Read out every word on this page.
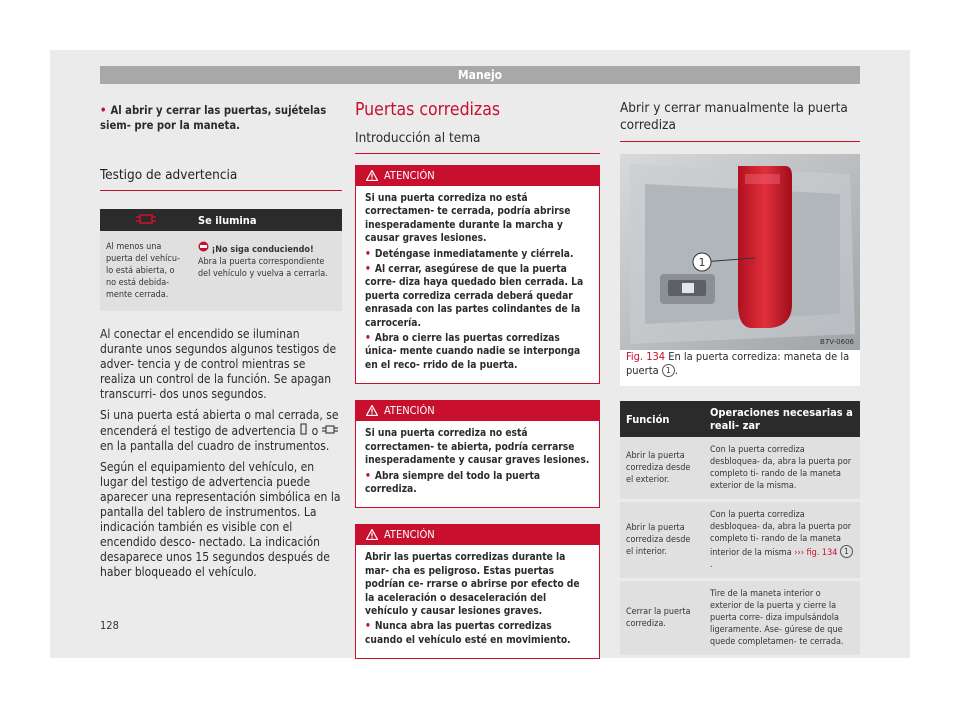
Manejo

• Al abrir y cerrar las puertas, sujételas siem- pre por la maneta.

Testigo de advertencia
	Se ilumina
Al menos una puerta del vehícu- lo está abierta, o no está debida- mente cerrada.	¡No siga conduciendo!
Abra la puerta correspondiente del vehículo y vuelva a cerrarla.

Al conectar el encendido se iluminan durante unos segundos algunos testigos de adver- tencia y de control mientras se realiza un control de la función. Se apagan transcurri- dos unos segundos.

Si una puerta está abierta o mal cerrada, se encenderá el testigo de advertencia o  en la pantalla del cuadro de instrumentos.

Según el equipamiento del vehículo, en lugar del testigo de advertencia puede aparecer una representación simbólica en la pantalla del tablero de instrumentos. La indicación también es visible con el encendido desco- nectado. La indicación desaparece unos 15 segundos después de haber bloqueado el vehículo.

Puertas corredizas
Introducción al tema
ATENCIÓN

Si una puerta corrediza no está correctamen- te cerrada, podría abrirse inesperadamente durante la marcha y causar graves lesiones.

• Deténgase inmediatamente y ciérrela.

• Al cerrar, asegúrese de que la puerta corre- diza haya quedado bien cerrada. La puerta corrediza cerrada deberá quedar enrasada con las partes colindantes de la carrocería.

• Abra o cierre las puertas corredizas única- mente cuando nadie se interponga en el reco- rrido de la puerta.

ATENCIÓN

Si una puerta corrediza no está correctamen- te abierta, podría cerrarse inesperadamente y causar graves lesiones.

• Abra siempre del todo la puerta corrediza.

ATENCIÓN

Abrir las puertas corredizas durante la mar- cha es peligroso. Estas puertas podrían ce- rrarse o abrirse por efecto de la aceleración o desaceleración del vehículo y causar lesiones graves.

• Nunca abra las puertas corredizas cuando el vehículo esté en movimiento.

Abrir y cerrar manualmente la puerta corrediza
1
B7V-0606
Fig. 134 En la puerta corrediza: maneta de la puerta 1 .
Función	Operaciones necesarias a reali- zar
Abrir la puerta corrediza desde el exterior.	Con la puerta corrediza desbloquea- da, abra la puerta por completo ti- rando de la maneta exterior de la misma.
Abrir la puerta corrediza desde el interior.	Con la puerta corrediza desbloquea- da, abra la puerta por completo ti- rando de la maneta interior de la misma ››› fig. 134 1.
Cerrar la puerta corrediza.	Tire de la maneta interior o exterior de la puerta y cierre la puerta corre- diza impulsándola ligeramente. Ase- gúrese de que quede completamen- te cerrada.
128
